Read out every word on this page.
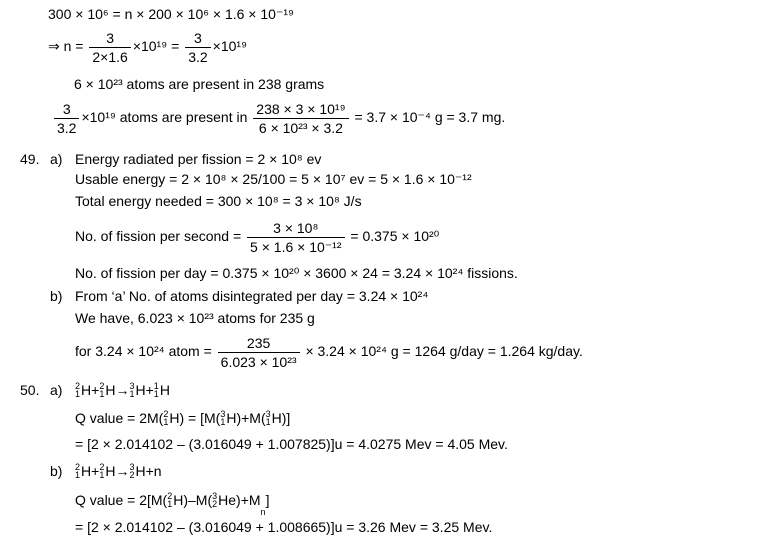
300 × 10⁶ = n × 200 × 10⁶ × 1.6 × 10⁻¹⁹
⇒ $n = \frac{3}{2\times 1.6} \times 10^{19} = \frac{3}{3.2} \times 10^{19}$
6 × 10²³ atoms are present in 238 grams
$\frac{3}{3.2} \times 10^{19}$ atoms are present in $\frac{\text{238 × 3 × 10¹⁹}}{\text{6 × 10²³ × 3.2}} = 3.7 \times 10^{-4}$ g = 3.7 mg.
49. a) Energy radiated per fission = 2 × 10⁸ ev
Usable energy = 2 × 10⁸ × 25/100 = 5 × 10⁷ ev = 5 × 1.6 × 10⁻¹²
Total energy needed = 300 × 10⁸ = 3 × 10⁸ J/s
No. of fission per second = $\frac{\text{3 × 10⁸}}{\text{5 × 1.6 × 10⁻¹²}} = 0.375 \times 10^{20}$
No. of fission per day = 0.375 × 10²⁰ × 3600 × 24 = 3.24 × 10²⁴ fissions.
b) From ‘a’ No. of atoms disintegrated per day = 3.24 × 10²⁴
We have, 6.023 × 10²³ atoms for 235 g
for 3.24 × 10²⁴ atom = $\frac{235}{\text{6.023 × 10²³}} \times 3.24 \times 10^{24}$ g = 1264 g/day = 1.264 kg/day.
50. a) 2
1 H+ 2
1 H→ 3
1 H+ 1
1 H
Q value = 2M( 2
1 H) = [M( 3
1 H)+M( 3
1 H)]
= [2 × 2.014102 – (3.016049 + 1.007825)]u = 4.0275 Mev = 4.05 Mev.
b) 2
1 H+ 2
1 H→ 3
2 H+n
Q value = 2[M( 2
1 H)–M( 3
2 $He)+M_n$]
= [2 × 2.014102 – (3.016049 + 1.008665)]u = 3.26 Mev = 3.25 Mev.
